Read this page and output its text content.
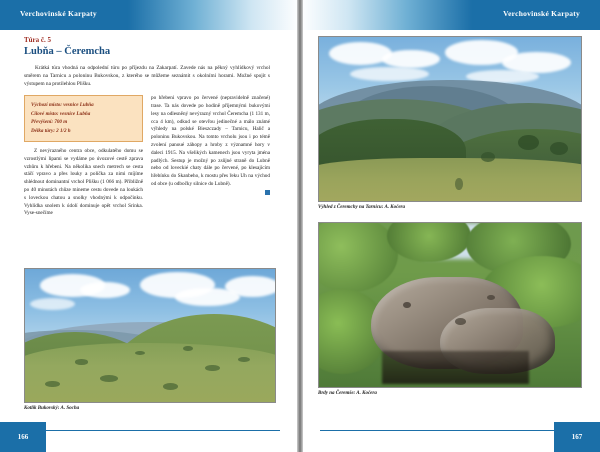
Verchovinské Karpaty
Túra č. 5
Lubňa – Čeremcha
Krátká túra vhodná na odpolední túru po příjezdu na Zakarpatí. Zavede nás na pěkný vyhlídkový vrchol směrem na Tarnicu a poloninu Bukovskou, z kterého se můžeme seznámit s okolními horami. Možné spojit s výstupem na protilehlou Plišku.
Výchozí místo: vesnice Lubňa
Cílové místo: vesnice Lubňa
Převýšení: 700 m
Délka túry: 2 1/2 h

Z nevýrazného centra obce, odkulatého domu se vzrostlými lipami se vydáme po úvozové cestě zprava vzhůru k hřebeni. Na několika snech metrech se cesta stáčí vpravo a přes louky a políčka za nimi míjíme shlédnout dominantní vrchol Plišku (1 066 m). Přibližně po 40 minutách chůze mineme cestu dovede na loukách s loveckou chatou a snolky vhodnými k odpočinku. Vyhlídka snolem k údolí dominuje opět vrchol Srinka. Vyse-snečíme

po hřebeni vpravo po červené (nepravidelně značené) trase. Ta nás dovede po hodině příjemnými bukovými lesy na odlesněný nevýrazný vrchol Čeremcha (1 131 m, cca 4 km), odkud se otevřou jedinečné a málo známé výhledy na polské Bieszczady – Tarnicu, Halič a poloninu Bukovskou. Na tomto vrcholu jsou i po témě zvolení panoué záhopy a hroby z významné hory v daleci 1915. Na všelikých kamenech jsou vyryta jména padlých. Sestup je možný po zsůjné straně do Lubně nebo od loveckié chaty dále po červené, po klesajícím hřebínku do Skanbeho, k mostu přes řeku Uh na východ od obce (u odbočky silnice do Lubně).

Kotlík Bukovský: A. Socha
166
Verchovinské Karpaty
Výhled z Čeremchy na Tarnicu: A. Kočera
Brdy na Čeremše: A. Kočera
167
